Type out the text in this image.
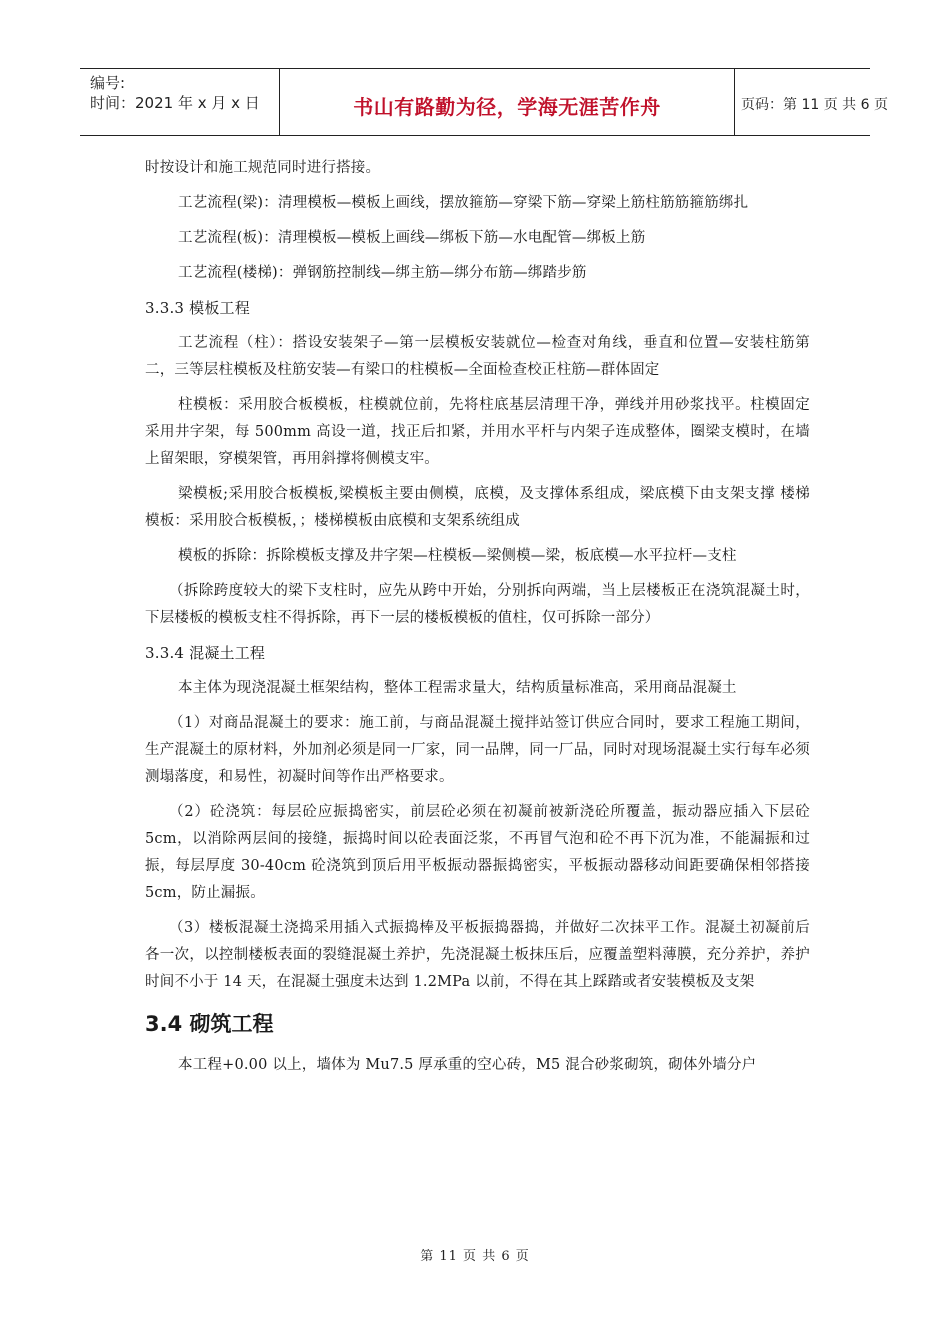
编号:
时间：2021 年 x 月 x 日	书山有路勤为径，学海无涯苦作舟	页码：第 11 页 共 6 页

时按设计和施工规范同时进行搭接。

工艺流程(梁)：清理模板—模板上画线，摆放箍筋—穿梁下筋—穿梁上筋柱筋筋箍筋绑扎

工艺流程(板)：清理模板—模板上画线—绑板下筋—水电配管—绑板上筋

工艺流程(楼梯)：弹钢筋控制线—绑主筋—绑分布筋—绑踏步筋

3.3.3 模板工程

工艺流程（柱）：搭设安装架子—第一层模板安装就位—检查对角线，垂直和位置—安装柱筋第二，三等层柱模板及柱筋安装—有梁口的柱模板—全面检查校正柱筋—群体固定

柱模板：采用胶合板模板，柱模就位前，先将柱底基层清理干净，弹线并用砂浆找平。柱模固定采用井字架，每 500mm 高设一道，找正后扣紧，并用水平杆与内架子连成整体，圈梁支模时，在墙上留架眼，穿模架管，再用斜撑将侧模支牢。

梁模板;采用胶合板模板,梁模板主要由侧模，底模，及支撑体系组成，梁底模下由支架支撑 楼梯模板：采用胶合板模板，；楼梯模板由底模和支架系统组成

模板的拆除：拆除模板支撑及井字架—柱模板—梁侧模—梁，板底模—水平拉杆—支柱

（拆除跨度较大的梁下支柱时，应先从跨中开始，分别拆向两端，当上层楼板正在浇筑混凝土时，下层楼板的模板支柱不得拆除，再下一层的楼板模板的值柱，仅可拆除一部分）

3.3.4 混凝土工程

本主体为现浇混凝土框架结构，整体工程需求量大，结构质量标准高，采用商品混凝土

（1）对商品混凝土的要求：施工前，与商品混凝土搅拌站签订供应合同时，要求工程施工期间，生产混凝土的原材料，外加剂必须是同一厂家，同一品牌，同一厂品，同时对现场混凝土实行每车必须测塌落度，和易性，初凝时间等作出严格要求。

（2）砼浇筑：每层砼应振捣密实，前层砼必须在初凝前被新浇砼所覆盖，振动器应插入下层砼 5cm，以消除两层间的接缝，振捣时间以砼表面泛浆，不再冒气泡和砼不再下沉为准，不能漏振和过振，每层厚度 30-40cm 砼浇筑到顶后用平板振动器振捣密实，平板振动器移动间距要确保相邻搭接 5cm，防止漏振。

（3）楼板混凝土浇捣采用插入式振捣棒及平板振捣器捣，并做好二次抹平工作。混凝土初凝前后各一次，以控制楼板表面的裂缝混凝土养护，先浇混凝土板抹压后，应覆盖塑料薄膜，充分养护，养护时间不小于 14 天，在混凝土强度未达到 1.2MPa 以前，不得在其上踩踏或者安装模板及支架

3.4 砌筑工程

本工程+0.00 以上，墙体为 Mu7.5 厚承重的空心砖，M5 混合砂浆砌筑，砌体外墙分户

第 11 页 共 6 页
